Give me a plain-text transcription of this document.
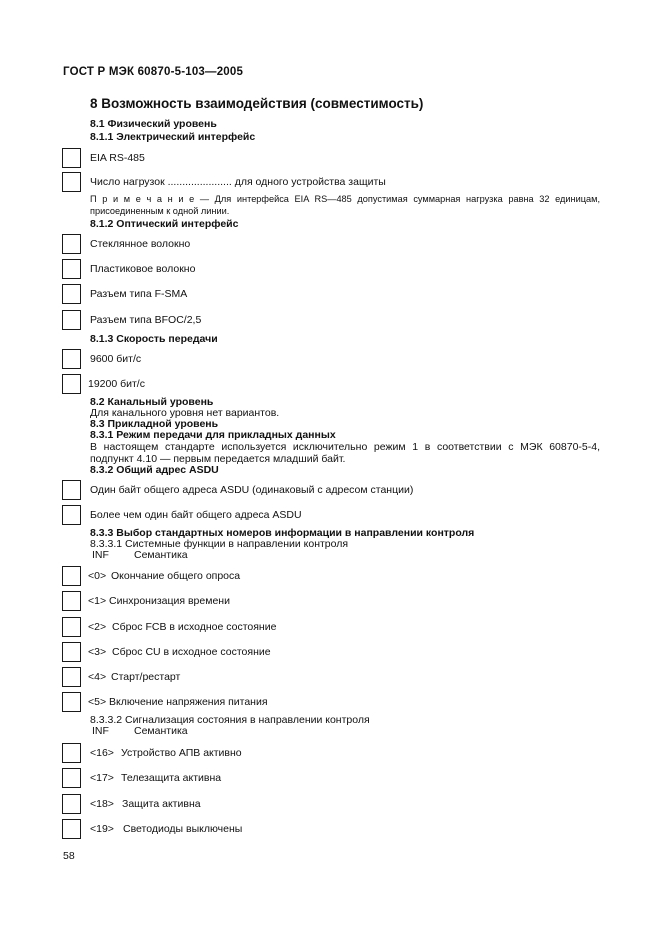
ГОСТ Р МЭК 60870-5-103—2005
8 Возможность взаимодействия (совместимость)
8.1 Физический уровень
8.1.1 Электрический интерфейс
EIA RS-485
Число нагрузок ...................... для одного устройства защиты
П р и м е ч а н и е — Для интерфейса EIA RS—485 допустимая суммарная нагрузка равна 32 единицам, присоединенным к одной линии.
8.1.2 Оптический интерфейс
Стеклянное волокно
Пластиковое волокно
Разъем типа F-SMA
Разъем типа BFOC/2,5
8.1.3 Скорость передачи
9600 бит/с
19200 бит/с
8.2 Канальный уровень
Для канального уровня нет вариантов.
8.3 Прикладной уровень
8.3.1 Режим передачи для прикладных данных
В настоящем стандарте используется исключительно режим 1 в соответствии с МЭК 60870-5-4, подпункт 4.10 — первым передается младший байт.
8.3.2 Общий адрес ASDU
Один байт общего адреса ASDU (одинаковый с адресом станции)
Более чем один байт общего адреса ASDU
8.3.3 Выбор стандартных номеров информации в направлении контроля
8.3.3.1 Системные функции в направлении контроля
INF Семантика
<0> Окончание общего опроса
<1> Синхронизация времени
<2> Сброс FCB в исходное состояние
<3> Сброс CU в исходное состояние
<4> Старт/рестарт
<5> Включение напряжения питания
8.3.3.2 Сигнализация состояния в направлении контроля
INF Семантика
<16> Устройство АПВ активно
<17> Телезащита активна
<18> Защита активна
<19> Светодиоды выключены
58
